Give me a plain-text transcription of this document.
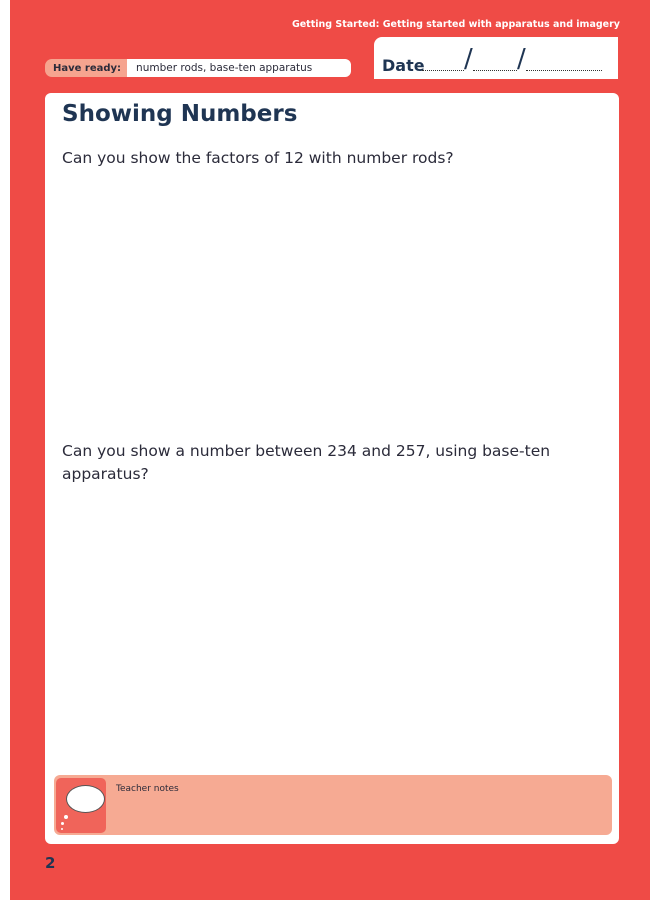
Getting Started: Getting started with apparatus and imagery
Have ready:	number rods, base-ten apparatus	Date / /
Showing Numbers
Can you show the factors of 12 with number rods?
Can you show a number between 234 and 257, using base-ten apparatus?
Teacher notes
2
